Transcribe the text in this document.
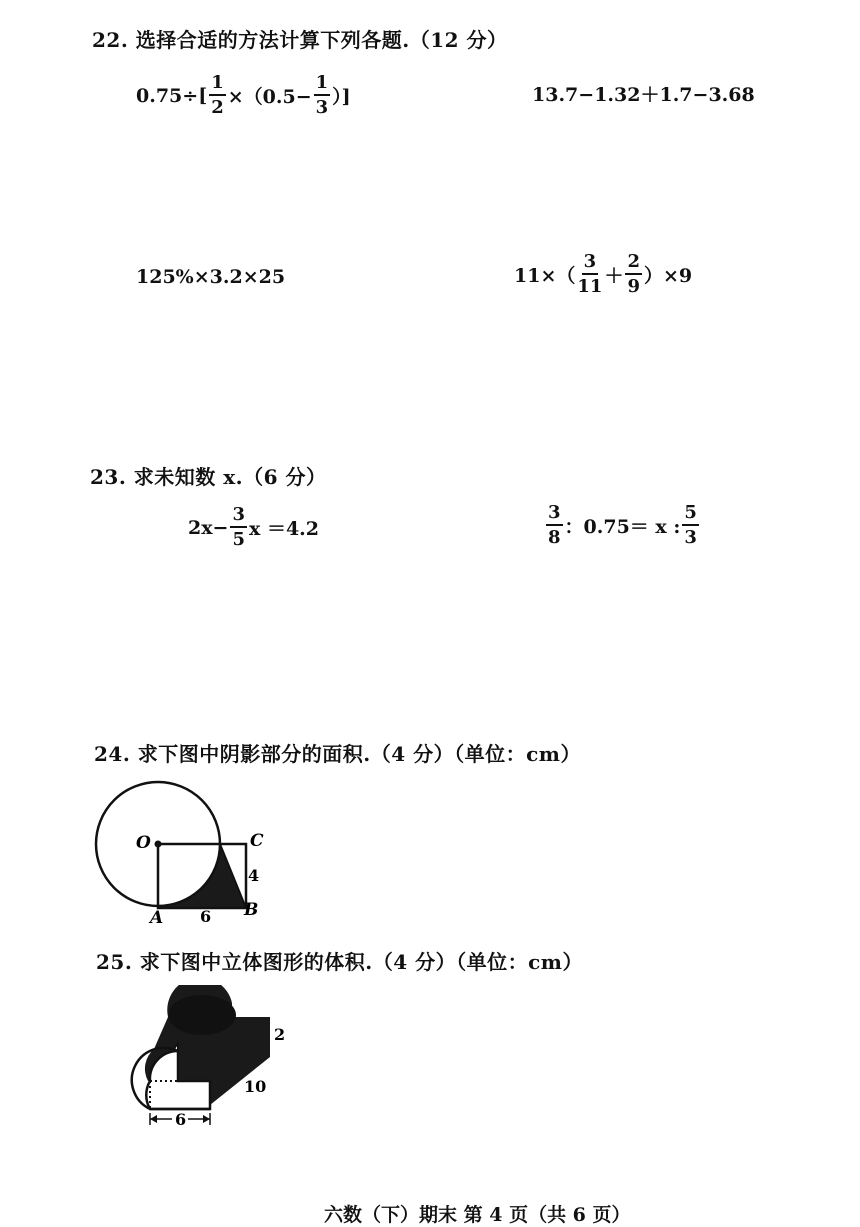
22. 选择合适的方法计算下列各题.（12 分）
$0.75\div[ \frac{1}{2} \times(0.5- \frac{1}{3}$ ）]	13.7−1.32＋1.7−3.68
125%×3.2×25	$11\times( \frac{3}{11} + \frac{2}{9} )\times 9$
23. 求未知数 x.（6 分）
$2x- \frac{3}{5}$ x ＝4.2	$\frac{3}{8}$ ：0.75＝ x : $\frac{5}{3}$
24. 求下图中阴影部分的面积.（4 分）（单位：cm）
O	C
A	B
6
4
25. 求下图中立体图形的体积.（4 分）（单位：cm）
6
2
10
六数（下）期末 第 4 页（共 6 页）
